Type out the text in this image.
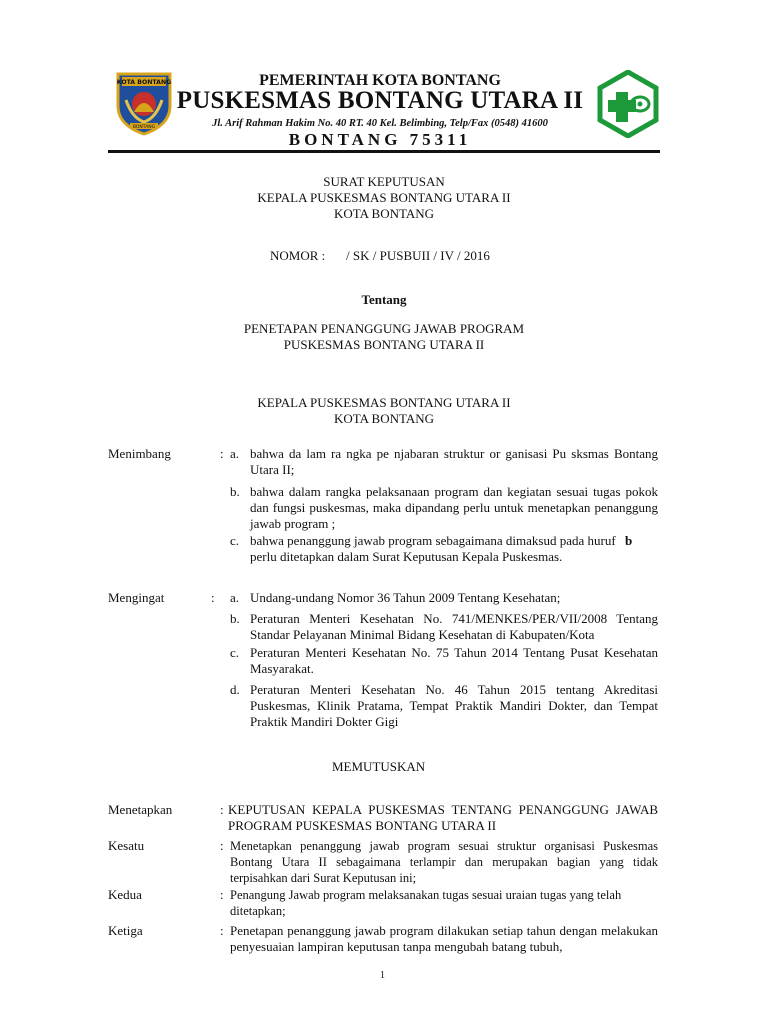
KOTA BONTANG
BONTANG
PEMERINTAH KOTA BONTANG
PUSKESMAS BONTANG UTARA II
Jl. Arif Rahman Hakim No. 40 RT. 40 Kel. Belimbing, Telp/Fax (0548) 41600
BONTANG 75311
SURAT KEPUTUSAN
KEPALA PUSKESMAS BONTANG UTARA II
KOTA BONTANG
NOMOR : / SK / PUSBUII / IV / 2016
Tentang
PENETAPAN PENANGGUNG JAWAB PROGRAM
PUSKESMAS BONTANG UTARA II
KEPALA PUSKESMAS BONTANG UTARA II
KOTA BONTANG
Menimbang	: a. bahwa da lam ra ngka pe njabaran struktur or ganisasi Pu sksmas Bontang Utara II;
b. bahwa dalam rangka pelaksanaan program dan kegiatan sesuai tugas pokok dan fungsi puskesmas, maka dipandang perlu untuk menetapkan penanggung jawab program ;
c. bahwa penanggung jawab program sebagaimana dimaksud pada huruf b
perlu ditetapkan dalam Surat Keputusan Kepala Puskesmas.
Mengingat	: a. Undang-undang Nomor 36 Tahun 2009 Tentang Kesehatan;
b. Peraturan Menteri Kesehatan No. 741/MENKES/PER/VII/2008 Tentang Standar Pelayanan Minimal Bidang Kesehatan di Kabupaten/Kota
c. Peraturan Menteri Kesehatan No. 75 Tahun 2014 Tentang Pusat Kesehatan Masyarakat.
d. Peraturan Menteri Kesehatan No. 46 Tahun 2015 tentang Akreditasi Puskesmas, Klinik Pratama, Tempat Praktik Mandiri Dokter, dan Tempat Praktik Mandiri Dokter Gigi
MEMUTUSKAN
Menetapkan	: KEPUTUSAN KEPALA PUSKESMAS TENTANG PENANGGUNG JAWAB PROGRAM PUSKESMAS BONTANG UTARA II
Kesatu	: Menetapkan penanggung jawab program sesuai struktur organisasi Puskesmas Bontang Utara II sebagaimana terlampir dan merupakan bagian yang tidak terpisahkan dari Surat Keputusan ini;
Kedua	: Penangung Jawab program melaksanakan tugas sesuai uraian tugas yang telah ditetapkan;
Ketiga	: Penetapan penanggung jawab program dilakukan setiap tahun dengan melakukan penyesuaian lampiran keputusan tanpa mengubah batang tubuh,
1
